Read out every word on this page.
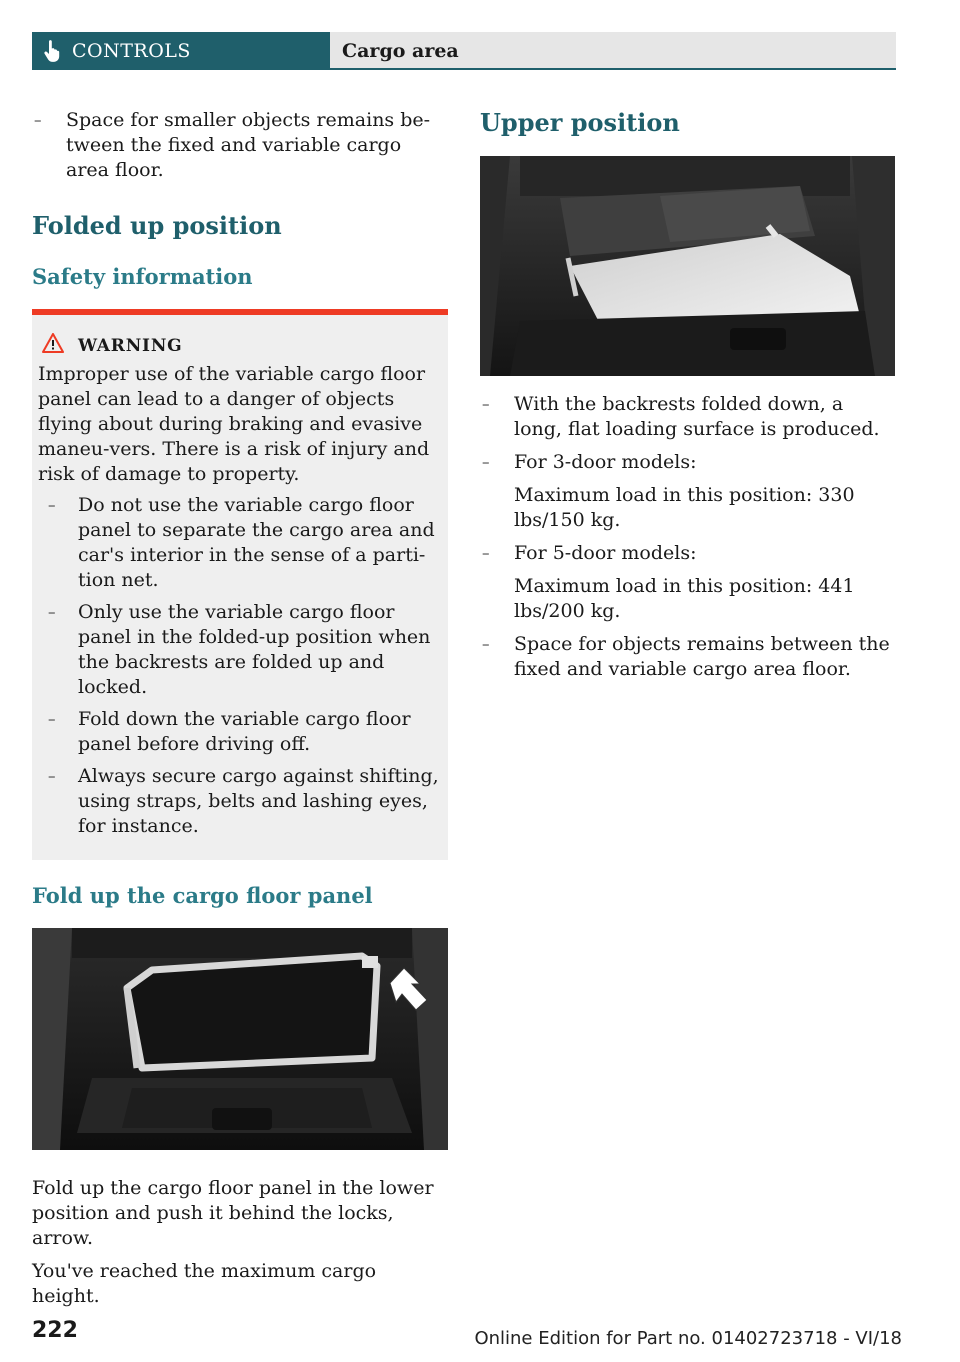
CONTROLS	Cargo area
– Space for smaller objects remains be-tween the fixed and variable cargo area floor.
Folded up position
Safety information
WARNING

Improper use of the variable cargo floor panel can lead to a danger of objects flying about during braking and evasive maneu-vers. There is a risk of injury and risk of damage to property.

– Do not use the variable cargo floor panel to separate the cargo area and car's interior in the sense of a parti-tion net.
– Only use the variable cargo floor panel in the folded-up position when the backrests are folded up and locked.
– Fold down the variable cargo floor panel before driving off.
– Always secure cargo against shifting, using straps, belts and lashing eyes, for instance.
Fold up the cargo floor panel

Fold up the cargo floor panel in the lower position and push it behind the locks, arrow.

You've reached the maximum cargo height.

Upper position
– With the backrests folded down, a long, flat loading surface is produced.
– For 3-door models:
Maximum load in this position: 330 lbs/150 kg.
– For 5-door models:
Maximum load in this position: 441 lbs/200 kg.
– Space for objects remains between the fixed and variable cargo area floor.
222	Online Edition for Part no. 01402723718 - VI/18
